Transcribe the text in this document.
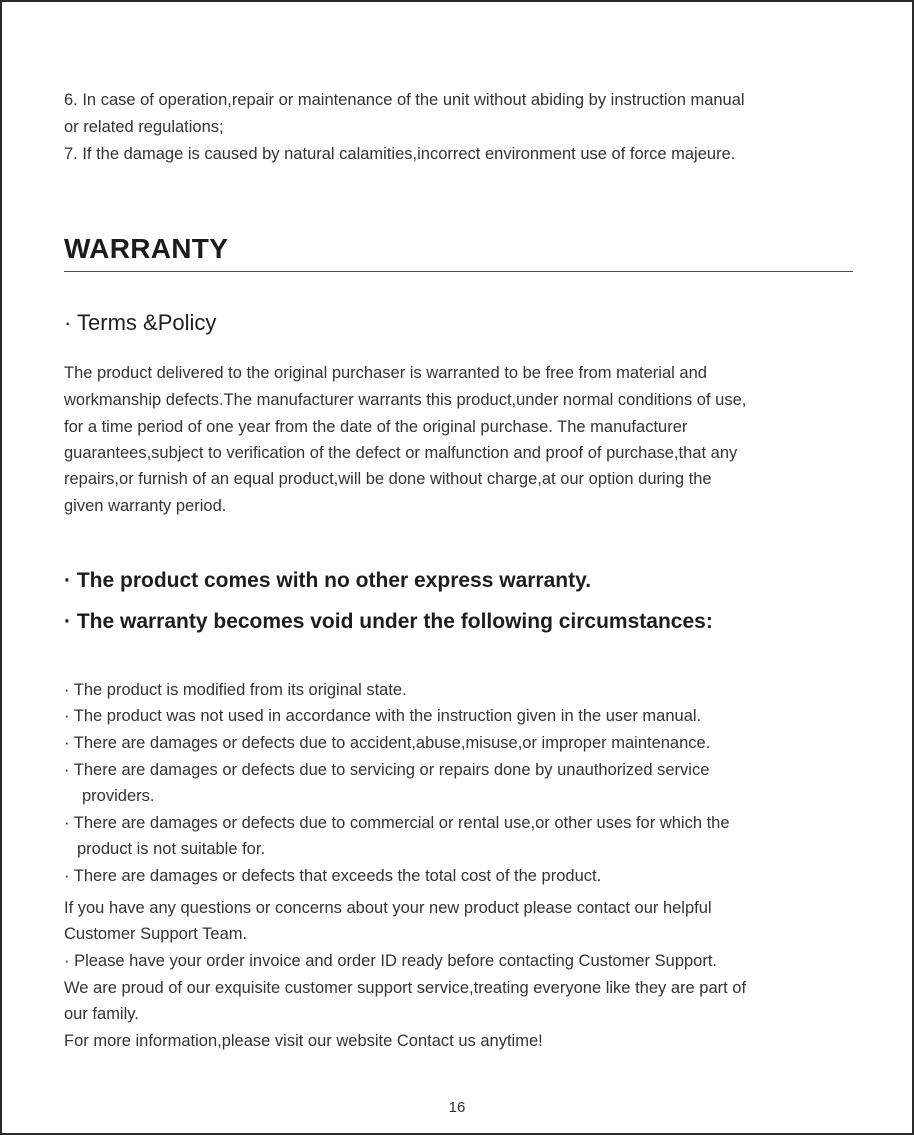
6. In case of operation,repair or maintenance of the unit without abiding by instruction manual
or related regulations;
7. If the damage is caused by natural calamities,incorrect environment use of force majeure.
WARRANTY
· Terms &Policy
The product delivered to the original purchaser is warranted to be free from material and
workmanship defects.The manufacturer warrants this product,under normal conditions of use,
for a time period of one year from the date of the original purchase. The manufacturer
guarantees,subject to verification of the defect or malfunction and proof of purchase,that any
repairs,or furnish of an equal product,will be done without charge,at our option during the
given warranty period.
· The product comes with no other express warranty.
· The warranty becomes void under the following circumstances:
· The product is modified from its original state.
· The product was not used in accordance with the instruction given in the user manual.
· There are damages or defects due to accident,abuse,misuse,or improper maintenance.
· There are damages or defects due to servicing or repairs done by unauthorized service
providers.
· There are damages or defects due to commercial or rental use,or other uses for which the
product is not suitable for.
· There are damages or defects that exceeds the total cost of the product.
If you have any questions or concerns about your new product please contact our helpful
Customer Support Team.
· Please have your order invoice and order ID ready before contacting Customer Support.
We are proud of our exquisite customer support service,treating everyone like they are part of
our family.
For more information,please visit our website Contact us anytime!
16
